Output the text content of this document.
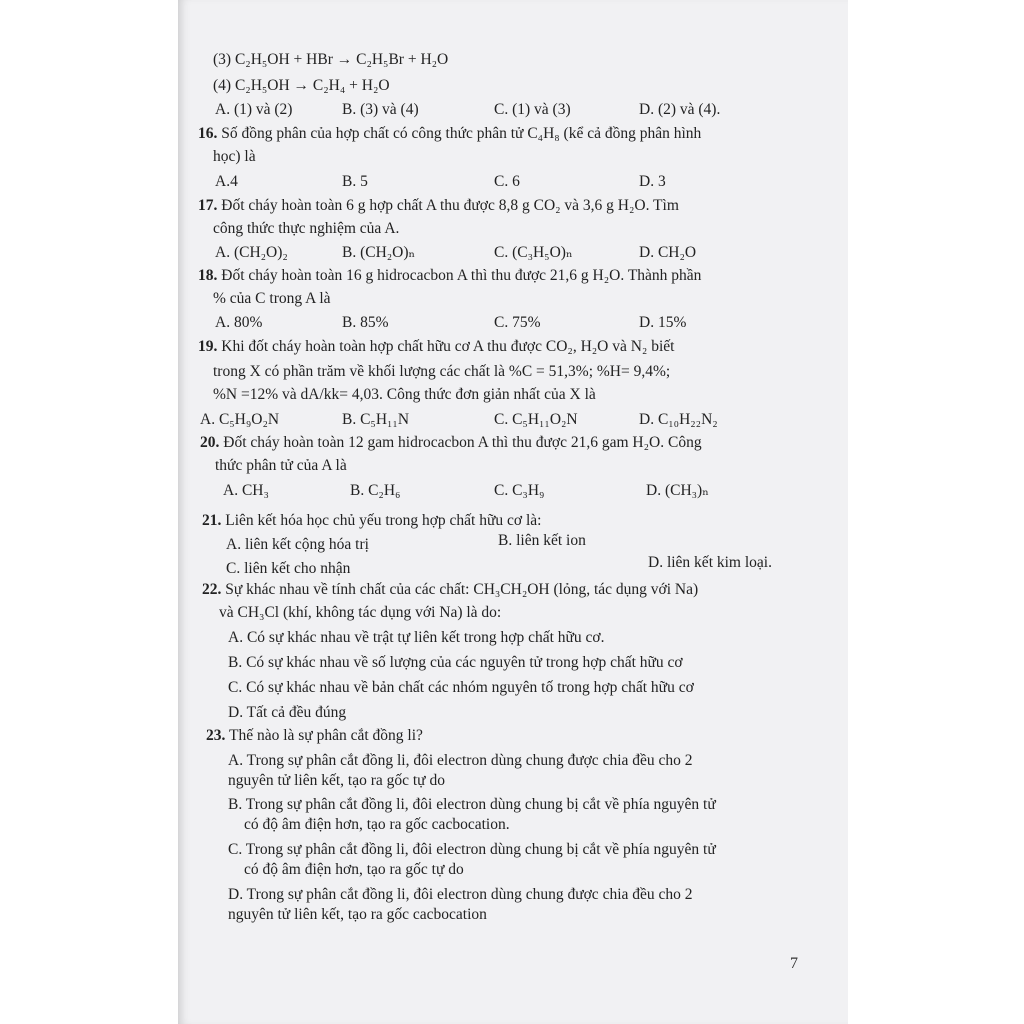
(3) C₂H₅OH + HBr → C₂H₅Br + H₂O
(4) C₂H₅OH → C₂H₄ + H₂O
A. (1) và (2)	B. (3) và (4)	C. (1) và (3)	D. (2) và (4).
16. Số đồng phân của hợp chất có công thức phân tử C₄H₈ (kể cả đồng phân hình
học) là
A.4	B. 5	C. 6	D. 3
17. Đốt cháy hoàn toàn 6 g hợp chất A thu được 8,8 g CO₂ và 3,6 g H₂O. Tìm
công thức thực nghiệm của A.
A. (CH₂O)₂	B. (CH₂O)ₙ	C. (C₃H₅O)ₙ	D. CH₂O
18. Đốt cháy hoàn toàn 16 g hidrocacbon A thì thu được 21,6 g H₂O. Thành phần
% của C trong A là
A. 80%	B. 85%	C. 75%	D. 15%
19. Khi đốt cháy hoàn toàn hợp chất hữu cơ A thu được CO₂, H₂O và N₂ biết
trong X có phần trăm về khối lượng các chất là %C = 51,3%; %H= 9,4%;
%N =12% và dA/kk= 4,03. Công thức đơn giản nhất của X là
A. C₅H₉O₂N	B. C₅H₁₁N	C. C₅H₁₁O₂N	D. C₁₀H₂₂N₂
20. Đốt cháy hoàn toàn 12 gam hidrocacbon A thì thu được 21,6 gam H₂O. Công
thức phân tử của A là
A. CH₃	B. C₂H₆	C. C₃H₉	D. (CH₃)ₙ
21. Liên kết hóa học chủ yếu trong hợp chất hữu cơ là:
A. liên kết cộng hóa trị	B. liên kết ion
C. liên kết cho nhận	D. liên kết kim loại.
22. Sự khác nhau về tính chất của các chất: CH₃CH₂OH (lỏng, tác dụng với Na)
và CH₃Cl (khí, không tác dụng với Na) là do:
A. Có sự khác nhau về trật tự liên kết trong hợp chất hữu cơ.
B. Có sự khác nhau về số lượng của các nguyên tử trong hợp chất hữu cơ
C. Có sự khác nhau về bản chất các nhóm nguyên tố trong hợp chất hữu cơ
D. Tất cả đều đúng
23. Thế nào là sự phân cắt đồng li?
A. Trong sự phân cắt đồng li, đôi electron dùng chung được chia đều cho 2
nguyên tử liên kết, tạo ra gốc tự do
B. Trong sự phân cắt đồng li, đôi electron dùng chung bị cắt về phía nguyên tử
có độ âm điện hơn, tạo ra gốc cacbocation.
C. Trong sự phân cắt đồng li, đôi electron dùng chung bị cắt về phía nguyên tử
có độ âm điện hơn, tạo ra gốc tự do
D. Trong sự phân cắt đồng li, đôi electron dùng chung được chia đều cho 2
nguyên tử liên kết, tạo ra gốc cacbocation
7
